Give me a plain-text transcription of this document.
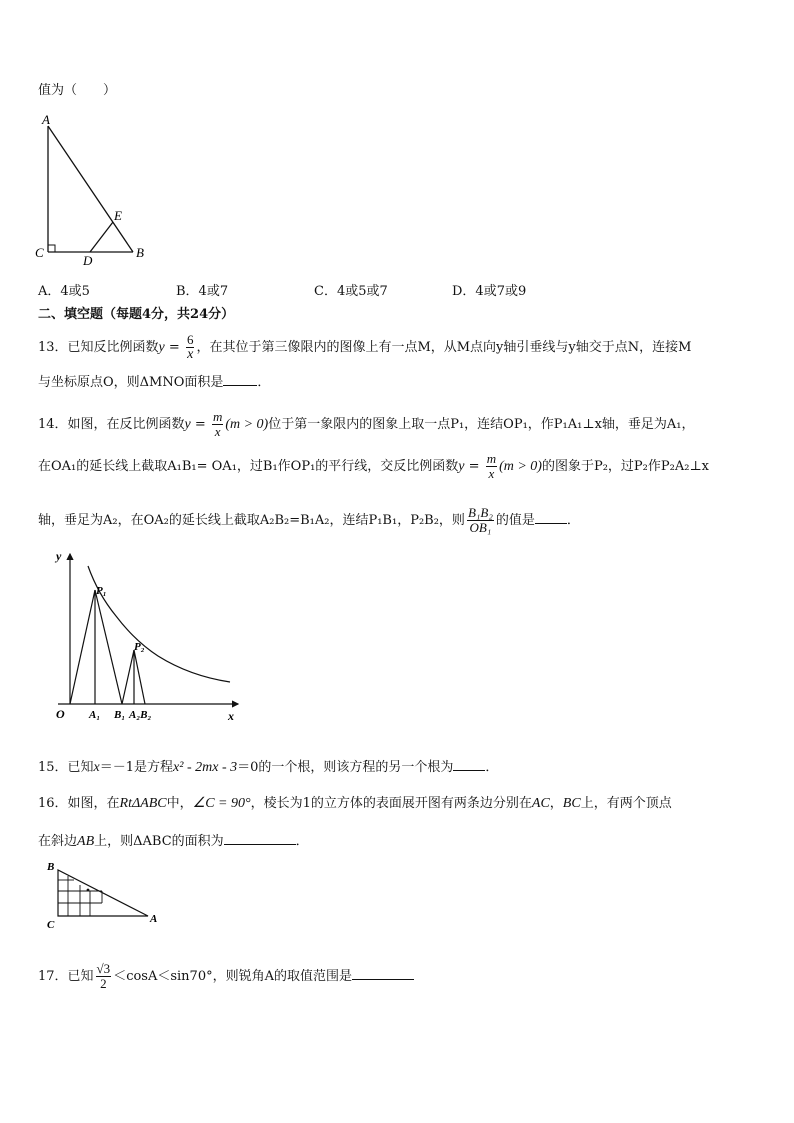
值为（　　）
A
E
C
D
B
A．4或5	B．4或7	C．4或5或7	D．4或7或9
二、填空题（每题4分，共24分）
13．已知反比例函数$y = \frac{6}{x}$ ，在其位于第三像限内的图像上有一点M，从M点向y轴引垂线与y轴交于点N，连接M
与坐标原点O，则ΔMNO面积是	．
14．如图，在反比例函数$y = \frac{m}{x} (m > 0)$位于第一象限内的图象上取一点P₁，连结OP₁，作P₁A₁⊥x轴，垂足为A₁，
在OA₁的延长线上截取A₁B₁= OA₁，过B₁作OP₁的平行线，交反比例函数$y = \frac{m}{x} (m > 0)$的图象于P₂，过P₂作P₂A₂⊥x
轴，垂足为A₂，在OA₂的延长线上截取A₂B₂=B₁A₂，连结P₁B₁，P₂B₂，则 $\frac{\text{B₁B₂}}{\text{OB₁}}$ 的值是 ．
y
x
O
P₁
P₂
A₁ B₁ A₂B₂
15．已知x＝－1是方程x² - 2mx - 3＝0的一个根，则该方程的另一个根为 ．
16．如图，在RtΔABC中，∠C = 90°，棱长为1的立方体的表面展开图有两条边分别在AC，BC上，有两个顶点
在斜边AB上，则ΔABC的面积为	．
B
C	A
17．已知 $\frac{√3}{2} <\cos A<\sin 70^\circ$，则锐角A的取值范围是
